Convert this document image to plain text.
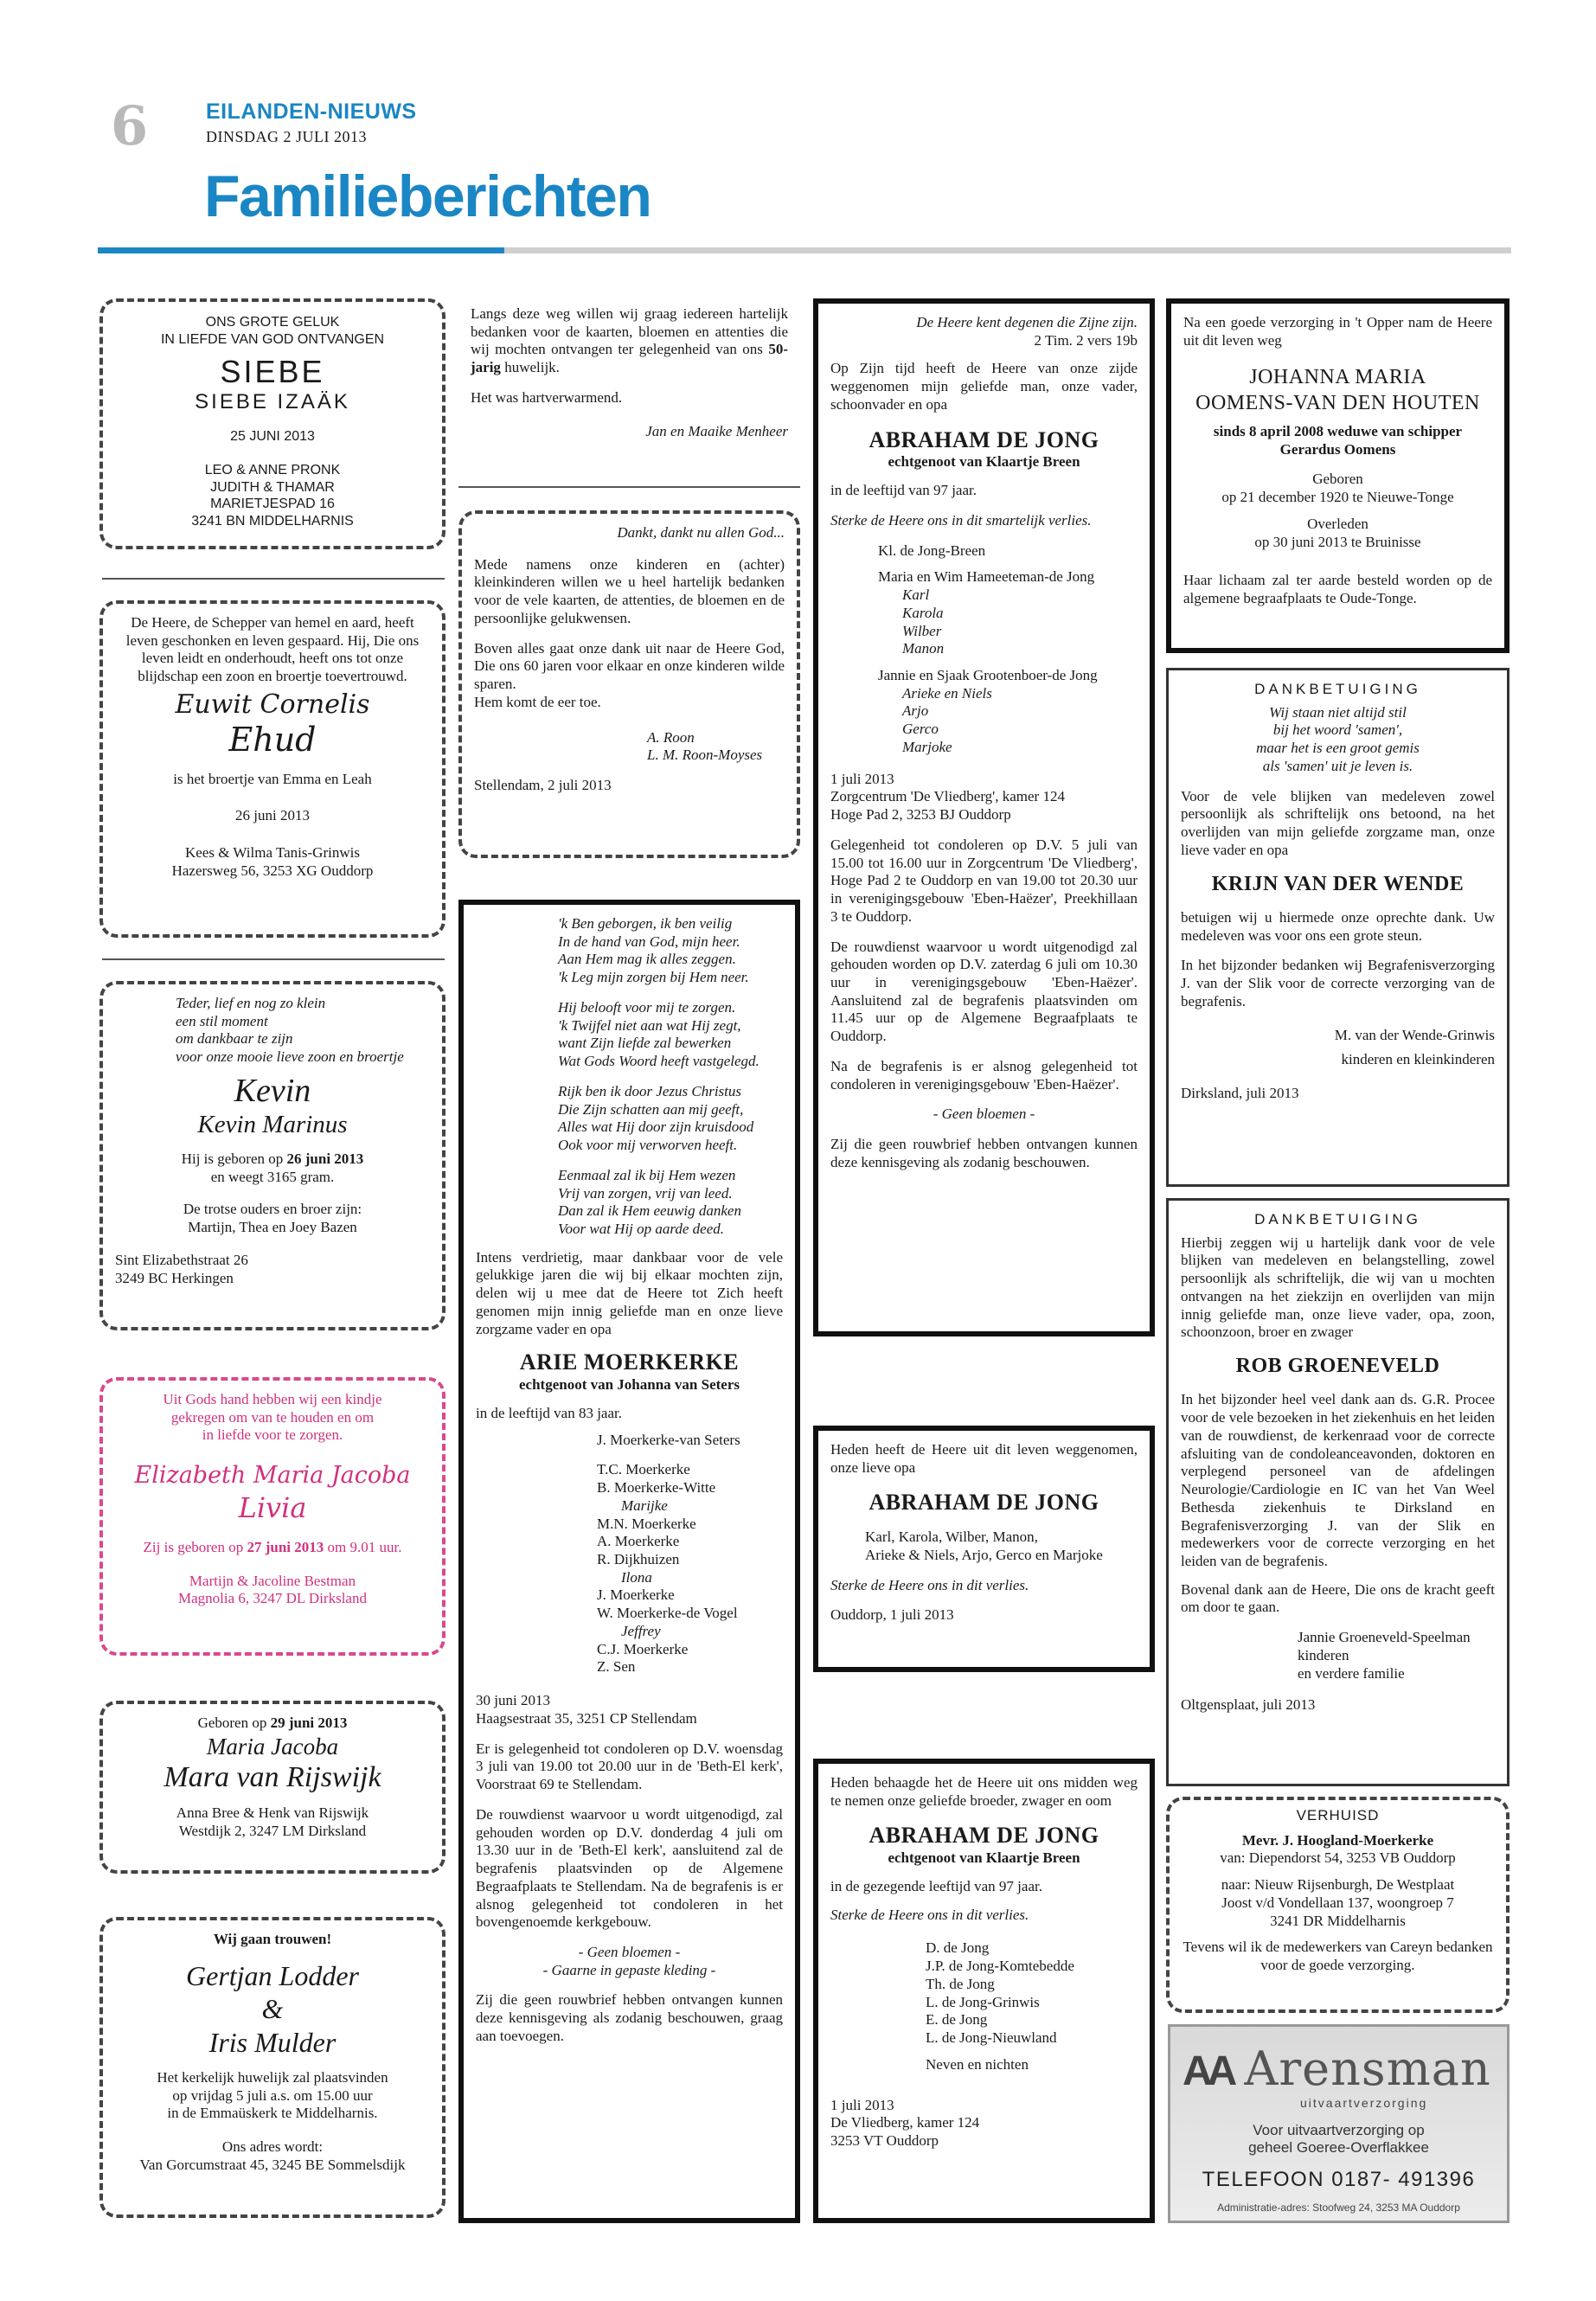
6	EILANDEN-NIEUWS
DINSDAG 2 JULI 2013
Familieberichten
ONS GROTE GELUK
IN LIEFDE VAN GOD ONTVANGEN
SIEBE
SIEBE IZAÄK
25 JUNI 2013
LEO & ANNE PRONK
JUDITH & THAMAR
MARIETJESPAD 16
3241 BN MIDDELHARNIS
De Heere, de Schepper van hemel en aard, heeft leven geschonken en leven gespaard. Hij, Die ons leven leidt en onderhoudt, heeft ons tot onze blijdschap een zoon en broertje toevertrouwd.
Euwit Cornelis
Ehud
is het broertje van Emma en Leah
26 juni 2013
Kees & Wilma Tanis-Grinwis
Hazersweg 56, 3253 XG Ouddorp
Teder, lief en nog zo klein
een stil moment
om dankbaar te zijn
voor onze mooie lieve zoon en broertje
Kevin
Kevin Marinus
Hij is geboren op 26 juni 2013
en weegt 3165 gram.
De trotse ouders en broer zijn:
Martijn, Thea en Joey Bazen
Sint Elizabethstraat 26
3249 BC Herkingen
Uit Gods hand hebben wij een kindje
gekregen om van te houden en om
in liefde voor te zorgen.
Elizabeth Maria Jacoba
Livia
Zij is geboren op 27 juni 2013 om 9.01 uur.
Martijn & Jacoline Bestman
Magnolia 6, 3247 DL Dirksland
Geboren op 29 juni 2013
Maria Jacoba
Mara van Rijswijk
Anna Bree & Henk van Rijswijk
Westdijk 2, 3247 LM Dirksland
Wij gaan trouwen!
Gertjan Lodder
&
Iris Mulder
Het kerkelijk huwelijk zal plaatsvinden
op vrijdag 5 juli a.s. om 15.00 uur
in de Emmaüskerk te Middelharnis.
Ons adres wordt:
Van Gorcumstraat 45, 3245 BE Sommelsdijk
Langs deze weg willen wij graag iedereen hartelijk bedanken voor de kaarten, bloemen en attenties die wij mochten ontvangen ter gelegenheid van ons 50-jarig huwelijk.
Het was hartverwarmend.
Jan en Maaike Menheer
Dankt, dankt nu allen God...
Mede namens onze kinderen en (achter) kleinkinderen willen we u heel hartelijk bedanken voor de vele kaarten, de attenties, de bloemen en de persoonlijke gelukwensen.
Boven alles gaat onze dank uit naar de Heere God, Die ons 60 jaren voor elkaar en onze kinderen wilde sparen.
Hem komt de eer toe.
A. Roon
L. M. Roon-Moyses
Stellendam, 2 juli 2013
'k Ben geborgen, ik ben veilig
In de hand van God, mijn heer.
Aan Hem mag ik alles zeggen.
'k Leg mijn zorgen bij Hem neer.
Hij belooft voor mij te zorgen.
'k Twijfel niet aan wat Hij zegt,
want Zijn liefde zal bewerken
Wat Gods Woord heeft vastgelegd.
Rijk ben ik door Jezus Christus
Die Zijn schatten aan mij geeft,
Alles wat Hij door zijn kruisdood
Ook voor mij verworven heeft.
Eenmaal zal ik bij Hem wezen
Vrij van zorgen, vrij van leed.
Dan zal ik Hem eeuwig danken
Voor wat Hij op aarde deed.
Intens verdrietig, maar dankbaar voor de vele gelukkige jaren die wij bij elkaar mochten zijn, delen wij u mee dat de Heere tot Zich heeft genomen mijn innig geliefde man en onze lieve zorgzame vader en opa
ARIE MOERKERKE
echtgenoot van Johanna van Seters
in de leeftijd van 83 jaar.
J. Moerkerke-van Seters
T.C. Moerkerke
B. Moerkerke-Witte
Marijke
M.N. Moerkerke
A. Moerkerke
R. Dijkhuizen
Ilona
J. Moerkerke
W. Moerkerke-de Vogel
Jeffrey
C.J. Moerkerke
Z. Sen
30 juni 2013
Haagsestraat 35, 3251 CP Stellendam
Er is gelegenheid tot condoleren op D.V. woensdag 3 juli van 19.00 tot 20.00 uur in de 'Beth-El kerk', Voorstraat 69 te Stellendam.
De rouwdienst waarvoor u wordt uitgenodigd, zal gehouden worden op D.V. donderdag 4 juli om 13.30 uur in de 'Beth-El kerk', aansluitend zal de begrafenis plaatsvinden op de Algemene Begraafplaats te Stellendam. Na de begrafenis is er alsnog gelegenheid tot condoleren in het bovengenoemde kerkgebouw.
- Geen bloemen -
- Gaarne in gepaste kleding -
Zij die geen rouwbrief hebben ontvangen kunnen deze kennisgeving als zodanig beschouwen, graag aan toevoegen.
De Heere kent degenen die Zijne zijn.
2 Tim. 2 vers 19b
Op Zijn tijd heeft de Heere van onze zijde weggenomen mijn geliefde man, onze vader, schoonvader en opa
ABRAHAM DE JONG
echtgenoot van Klaartje Breen
in de leeftijd van 97 jaar.
Sterke de Heere ons in dit smartelijk verlies.
Kl. de Jong-Breen
Maria en Wim Hameeteman-de Jong
Karl
Karola
Wilber
Manon
Jannie en Sjaak Grootenboer-de Jong
Arieke en Niels
Arjo
Gerco
Marjoke
1 juli 2013
Zorgcentrum 'De Vliedberg', kamer 124
Hoge Pad 2, 3253 BJ Ouddorp
Gelegenheid tot condoleren op D.V. 5 juli van 15.00 tot 16.00 uur in Zorgcentrum 'De Vliedberg', Hoge Pad 2 te Ouddorp en van 19.00 tot 20.30 uur in verenigingsgebouw 'Eben-Haëzer', Preekhillaan 3 te Ouddorp.
De rouwdienst waarvoor u wordt uitgenodigd zal gehouden worden op D.V. zaterdag 6 juli om 10.30 uur in verenigingsgebouw 'Eben-Haëzer'. Aansluitend zal de begrafenis plaatsvinden om 11.45 uur op de Algemene Begraafplaats te Ouddorp.
Na de begrafenis is er alsnog gelegenheid tot condoleren in verenigingsgebouw 'Eben-Haëzer'.
- Geen bloemen -
Zij die geen rouwbrief hebben ontvangen kunnen deze kennisgeving als zodanig beschouwen.
Heden heeft de Heere uit dit leven weggenomen, onze lieve opa
ABRAHAM DE JONG
Karl, Karola, Wilber, Manon,
Arieke & Niels, Arjo, Gerco en Marjoke
Sterke de Heere ons in dit verlies.
Ouddorp, 1 juli 2013
Heden behaagde het de Heere uit ons midden weg te nemen onze geliefde broeder, zwager en oom
ABRAHAM DE JONG
echtgenoot van Klaartje Breen
in de gezegende leeftijd van 97 jaar.
Sterke de Heere ons in dit verlies.
D. de Jong
J.P. de Jong-Komtebedde
Th. de Jong
L. de Jong-Grinwis
E. de Jong
L. de Jong-Nieuwland
Neven en nichten
1 juli 2013
De Vliedberg, kamer 124
3253 VT Ouddorp
Na een goede verzorging in 't Opper nam de Heere uit dit leven weg
JOHANNA MARIA
OOMENS-VAN DEN HOUTEN
sinds 8 april 2008 weduwe van schipper
Gerardus Oomens
Geboren
op 21 december 1920 te Nieuwe-Tonge
Overleden
op 30 juni 2013 te Bruinisse
Haar lichaam zal ter aarde besteld worden op de algemene begraafplaats te Oude-Tonge.
DANKBETUIGING
Wij staan niet altijd stil
bij het woord 'samen',
maar het is een groot gemis
als 'samen' uit je leven is.
Voor de vele blijken van medeleven zowel persoonlijk als schriftelijk ons betoond, na het overlijden van mijn geliefde zorgzame man, onze lieve vader en opa
KRIJN VAN DER WENDE
betuigen wij u hiermede onze oprechte dank. Uw medeleven was voor ons een grote steun.
In het bijzonder bedanken wij Begrafenisverzorging J. van der Slik voor de correcte verzorging van de begrafenis.
M. van der Wende-Grinwis
kinderen en kleinkinderen
Dirksland, juli 2013
DANKBETUIGING
Hierbij zeggen wij u hartelijk dank voor de vele blijken van medeleven en belangstelling, zowel persoonlijk als schriftelijk, die wij van u mochten ontvangen na het ziekzijn en overlijden van mijn innig geliefde man, onze lieve vader, opa, zoon, schoonzoon, broer en zwager
ROB GROENEVELD
In het bijzonder heel veel dank aan ds. G.R. Procee voor de vele bezoeken in het ziekenhuis en het leiden van de rouwdienst, de kerkenraad voor de correcte afsluiting van de condoleanceavonden, doktoren en verplegend personeel van de afdelingen Neurologie/Cardiologie en IC van het Van Weel Bethesda ziekenhuis te Dirksland en Begrafenisverzorging J. van der Slik en medewerkers voor de correcte verzorging en het leiden van de begrafenis.
Bovenal dank aan de Heere, Die ons de kracht geeft om door te gaan.
Jannie Groeneveld-Speelman
kinderen
en verdere familie
Oltgensplaat, juli 2013
VERHUISD
Mevr. J. Hoogland-Moerkerke
van: Diependorst 54, 3253 VB Ouddorp
naar: Nieuw Rijsenburgh, De Westplaat
Joost v/d Vondellaan 137, woongroep 7
3241 DR Middelharnis
Tevens wil ik de medewerkers van Careyn bedanken voor de goede verzorging.
AA Arensman
uitvaartverzorging
Voor uitvaartverzorging op
geheel Goeree-Overflakkee
TELEFOON 0187- 491396
Administratie-adres: Stoofweg 24, 3253 MA Ouddorp
